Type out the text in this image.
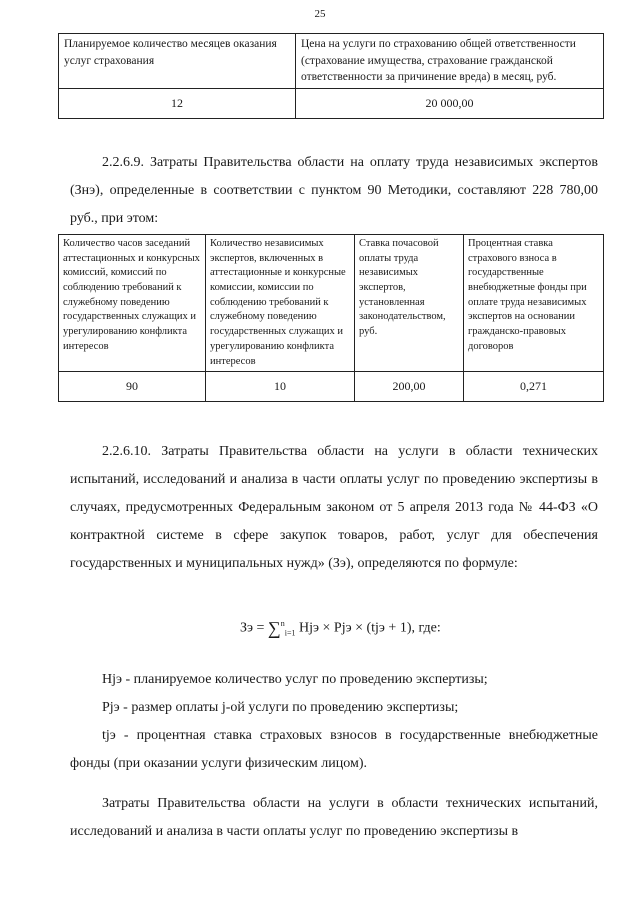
25
Планируемое количество месяцев оказания услуг страхования	Цена на услуги по страхованию общей ответственности (страхование имущества, страхование гражданской ответственности за причинение вреда) в месяц, руб.
12	20 000,00

2.2.6.9. Затраты Правительства области на оплату труда независимых экспертов (Знэ), определенные в соответствии с пунктом 90 Методики, составляют 228 780,00 руб., при этом:

Количество часов заседаний аттестационных и конкурсных комиссий, комиссий по соблюдению требований к служебному поведению государственных служащих и урегулированию конфликта интересов	Количество независимых экспертов, включенных в аттестационные и конкурсные комиссии, комиссии по соблюдению требований к служебному поведению государственных служащих и урегулированию конфликта интересов	Ставка почасовой оплаты труда независимых экспертов, установленная законодательством, руб.	Процентная ставка страхового взноса в государственные внебюджетные фонды при оплате труда независимых экспертов на основании гражданско-правовых договоров
90	10	200,00	0,271

2.2.6.10. Затраты Правительства области на услуги в области технических испытаний, исследований и анализа в части оплаты услуг по проведению экспертизы в случаях, предусмотренных Федеральным законом от 5 апреля 2013 года № 44-ФЗ «О контрактной системе в сфере закупок товаров, работ, услуг для обеспечения государственных и муниципальных нужд» (Зэ), определяются по формуле:

Зэ = ∑$^n_{i=1}$ Hjэ × Pjэ × (tjэ + 1), где:

Hjэ - планируемое количество услуг по проведению экспертизы;

Pjэ - размер оплаты j-ой услуги по проведению экспертизы;

tjэ - процентная ставка страховых взносов в государственные внебюджетные фонды (при оказании услуги физическим лицом).

Затраты Правительства области на услуги в области технических испытаний, исследований и анализа в части оплаты услуг по проведению экспертизы в
